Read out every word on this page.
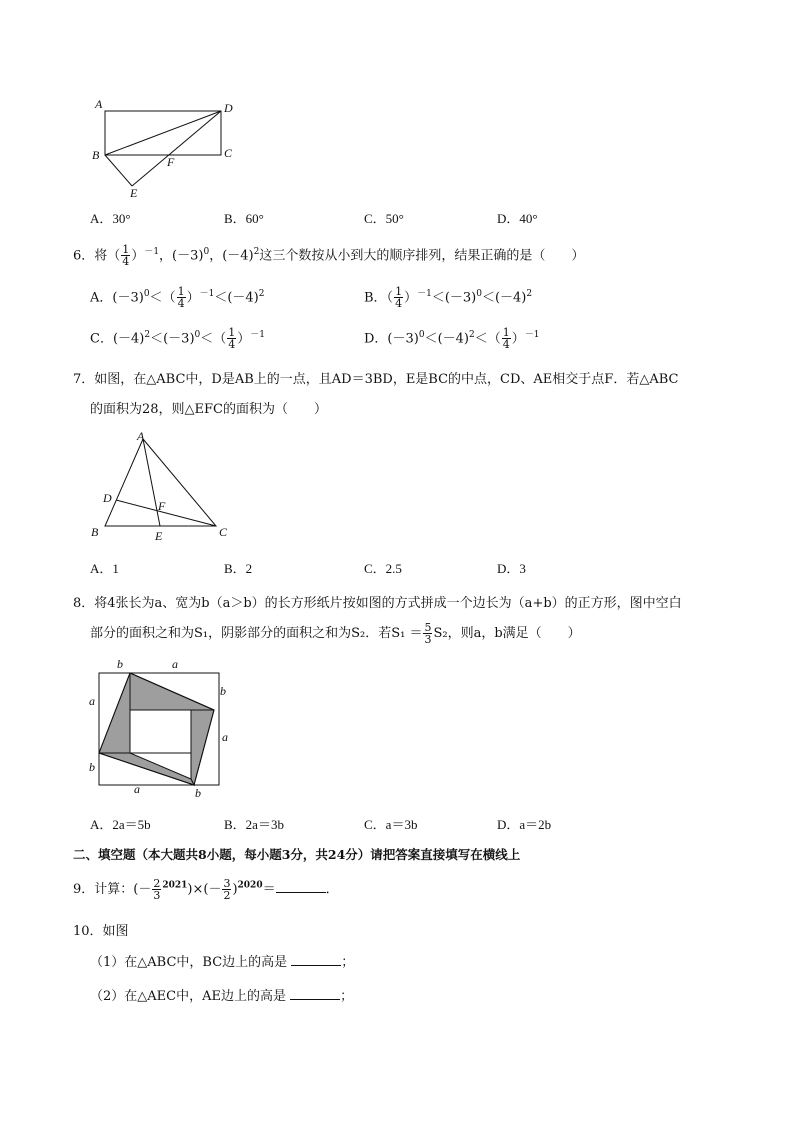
A	D
B	C
F
E
A．30°	B．60°	C．50°	D．40°
6．将（ $\frac{1}{4} )^{-1}$，$(-3)^0$，$(-4)^2$这三个数按从小到大的顺序排列，结果正确的是（　　）
A．$(-3)^0<( \frac{1}{4} )^{-1}<(-4)^2$	B．（ $\frac{1}{4} )^{-1}<(-3)^0<(-4)^2$
C．$(-4)^2<(-3)^0<( \frac{1}{4} )^{-1}$	D．$(-3)^0<(-4)^2<( \frac{1}{4} )^{-1}$
7．如图，在△ABC中，D是AB上的一点，且AD＝3BD，E是BC的中点，CD、AE相交于点F．若△ABC
的面积为28，则△EFC的面积为（　　）
A
D
F
B	E	C
A．1	B．2	C．2.5	D．3
8．将4张长为a、宽为b（a＞b）的长方形纸片按如图的方式拼成一个边长为（a+b）的正方形，图中空白
部分的面积之和为S₁，阴影部分的面积之和为S₂．若$S_1 = \frac{5}{3} S_2$，则a，b满足（　　）
b	a
a
b
a
b
a	b
A．2a＝5b	B．2a＝3b	C．a＝3b	D．a＝2b
二、填空题（本大题共8小题，每小题3分，共24分）请把答案直接填写在横线上
9．计算：(－ $\frac{2}{3} ^{2021})\times(- \frac{3}{2} )^{2020}=$	．
10．如图
（1）在△ABC中，BC边上的高是	；
（2）在△AEC中，AE边上的高是	；
